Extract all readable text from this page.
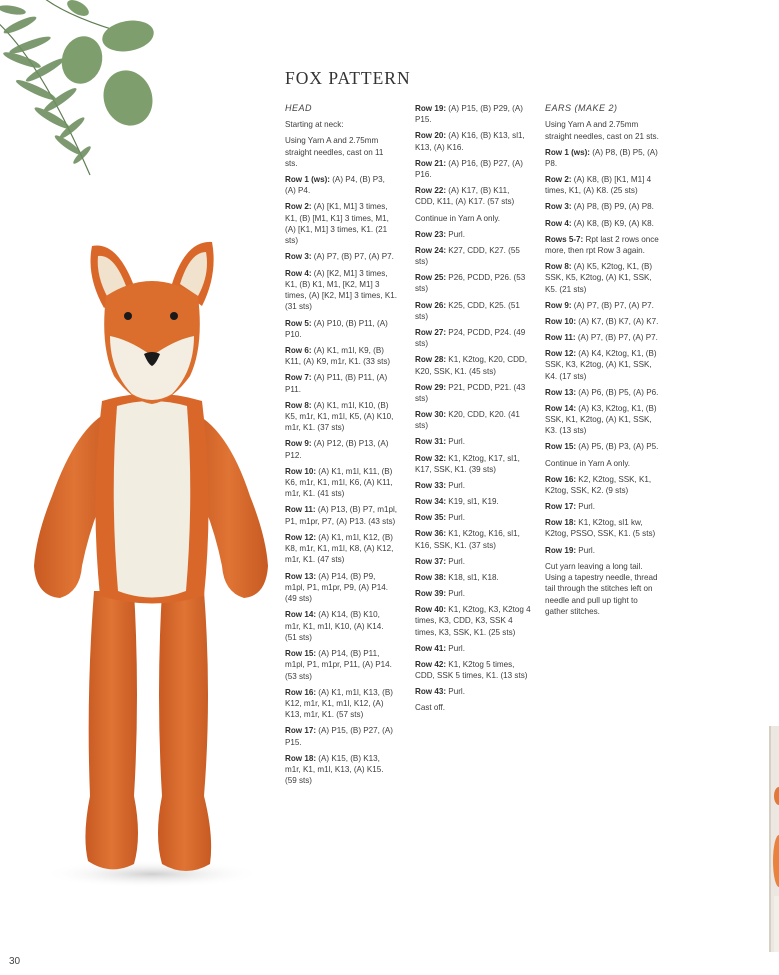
FOX PATTERN
HEAD

Starting at neck:

Using Yarn A and 2.75mm straight needles, cast on 11 sts.

Row 1 (ws): (A) P4, (B) P3, (A) P4.

Row 2: (A) [K1, M1] 3 times, K1, (B) [M1, K1] 3 times, M1, (A) [K1, M1] 3 times, K1. (21 sts)

Row 3: (A) P7, (B) P7, (A) P7.

Row 4: (A) [K2, M1] 3 times, K1, (B) K1, M1, [K2, M1] 3 times, (A) [K2, M1] 3 times, K1. (31 sts)

Row 5: (A) P10, (B) P11, (A) P10.

Row 6: (A) K1, m1l, K9, (B) K11, (A) K9, m1r, K1. (33 sts)

Row 7: (A) P11, (B) P11, (A) P11.

Row 8: (A) K1, m1l, K10, (B) K5, m1r, K1, m1l, K5, (A) K10, m1r, K1. (37 sts)

Row 9: (A) P12, (B) P13, (A) P12.

Row 10: (A) K1, m1l, K11, (B) K6, m1r, K1, m1l, K6, (A) K11, m1r, K1. (41 sts)

Row 11: (A) P13, (B) P7, m1pl, P1, m1pr, P7, (A) P13. (43 sts)

Row 12: (A) K1, m1l, K12, (B) K8, m1r, K1, m1l, K8, (A) K12, m1r, K1. (47 sts)

Row 13: (A) P14, (B) P9, m1pl, P1, m1pr, P9, (A) P14. (49 sts)

Row 14: (A) K14, (B) K10, m1r, K1, m1l, K10, (A) K14. (51 sts)

Row 15: (A) P14, (B) P11, m1pl, P1, m1pr, P11, (A) P14. (53 sts)

Row 16: (A) K1, m1l, K13, (B) K12, m1r, K1, m1l, K12, (A) K13, m1r, K1. (57 sts)

Row 17: (A) P15, (B) P27, (A) P15.

Row 18: (A) K15, (B) K13, m1r, K1, m1l, K13, (A) K15. (59 sts)

Row 19: (A) P15, (B) P29, (A) P15.

Row 20: (A) K16, (B) K13, sl1, K13, (A) K16.

Row 21: (A) P16, (B) P27, (A) P16.

Row 22: (A) K17, (B) K11, CDD, K11, (A) K17. (57 sts)

Continue in Yarn A only.

Row 23: Purl.

Row 24: K27, CDD, K27. (55 sts)

Row 25: P26, PCDD, P26. (53 sts)

Row 26: K25, CDD, K25. (51 sts)

Row 27: P24, PCDD, P24. (49 sts)

Row 28: K1, K2tog, K20, CDD, K20, SSK, K1. (45 sts)

Row 29: P21, PCDD, P21. (43 sts)

Row 30: K20, CDD, K20. (41 sts)

Row 31: Purl.

Row 32: K1, K2tog, K17, sl1, K17, SSK, K1. (39 sts)

Row 33: Purl.

Row 34: K19, sl1, K19.

Row 35: Purl.

Row 36: K1, K2tog, K16, sl1, K16, SSK, K1. (37 sts)

Row 37: Purl.

Row 38: K18, sl1, K18.

Row 39: Purl.

Row 40: K1, K2tog, K3, K2tog 4 times, K3, CDD, K3, SSK 4 times, K3, SSK, K1. (25 sts)

Row 41: Purl.

Row 42: K1, K2tog 5 times, CDD, SSK 5 times, K1. (13 sts)

Row 43: Purl.

Cast off.

EARS (MAKE 2)

Using Yarn A and 2.75mm straight needles, cast on 21 sts.

Row 1 (ws): (A) P8, (B) P5, (A) P8.

Row 2: (A) K8, (B) [K1, M1] 4 times, K1, (A) K8. (25 sts)

Row 3: (A) P8, (B) P9, (A) P8.

Row 4: (A) K8, (B) K9, (A) K8.

Rows 5-7: Rpt last 2 rows once more, then rpt Row 3 again.

Row 8: (A) K5, K2tog, K1, (B) SSK, K5, K2tog, (A) K1, SSK, K5. (21 sts)

Row 9: (A) P7, (B) P7, (A) P7.

Row 10: (A) K7, (B) K7, (A) K7.

Row 11: (A) P7, (B) P7, (A) P7.

Row 12: (A) K4, K2tog, K1, (B) SSK, K3, K2tog, (A) K1, SSK, K4. (17 sts)

Row 13: (A) P6, (B) P5, (A) P6.

Row 14: (A) K3, K2tog, K1, (B) SSK, K1, K2tog, (A) K1, SSK, K3. (13 sts)

Row 15: (A) P5, (B) P3, (A) P5.

Continue in Yarn A only.

Row 16: K2, K2tog, SSK, K1, K2tog, SSK, K2. (9 sts)

Row 17: Purl.

Row 18: K1, K2tog, sl1 kw, K2tog, PSSO, SSK, K1. (5 sts)

Row 19: Purl.

Cut yarn leaving a long tail. Using a tapestry needle, thread tail through the stitches left on needle and pull up tight to gather stitches.

30
